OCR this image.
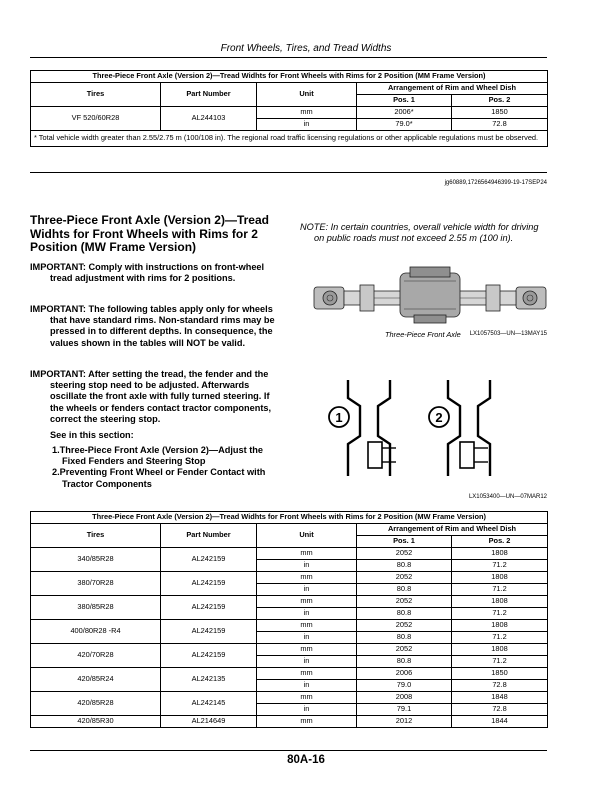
Front Wheels, Tires, and Tread Widths
Three-Piece Front Axle (Version 2)—Tread Widhts for Front Wheels with Rims for 2 Position (MM Frame Version)				
Tires	Part Number	Unit	Arrangement of Rim and Wheel Dish	
			Pos. 1	Pos. 2
VF 520/60R28	AL244103	mm	2006*	1850
		in	79.0*	72.8
* Total vehicle width greater than 2.55/2.75 m (100/108 in). The regional road traffic licensing regulations or other applicable regulations must be observed.				
jg60889,1726564946399-19-17SEP24
Three-Piece Front Axle (Version 2)—Tread Widhts for Front Wheels with Rims for 2 Position (MW Frame Version)
IMPORTANT: Comply with instructions on front-wheel tread adjustment with rims for 2 positions.
IMPORTANT: The following tables apply only for wheels that have standard rims. Non-standard rims may be pressed in to different depths. In consequence, the values shown in the tables will NOT be valid.
IMPORTANT: After setting the tread, the fender and the steering stop need to be adjusted. Afterwards oscillate the front axle with fully turned steering. If the wheels or fenders contact tractor components, correct the steering stop.
See in this section:
1.Three-Piece Front Axle (Version 2)—Adjust the Fixed Fenders and Steering Stop
2.Preventing Front Wheel or Fender Contact with Tractor Components
NOTE: In certain countries, overall vehicle width for driving on public roads must not exceed 2.55 m (100 in).
LX1057503—UN—13MAY15
Three-Piece Front Axle
1	2
LX1053400—UN—07MAR12
Three-Piece Front Axle (Version 2)—Tread Widhts for Front Wheels with Rims for 2 Position (MW Frame Version)				
Tires	Part Number	Unit	Arrangement of Rim and Wheel Dish	
			Pos. 1	Pos. 2
340/85R28	AL242159	mm	2052	1808
		in	80.8	71.2
380/70R28	AL242159	mm	2052	1808
		in	80.8	71.2
380/85R28	AL242159	mm	2052	1808
		in	80.8	71.2
400/80R28 -R4	AL242159	mm	2052	1808
		in	80.8	71.2
420/70R28	AL242159	mm	2052	1808
		in	80.8	71.2
420/85R24	AL242135	mm	2006	1850
		in	79.0	72.8
420/85R28	AL242145	mm	2008	1848
		in	79.1	72.8
420/85R30	AL214649	mm	2012	1844
80A-16
